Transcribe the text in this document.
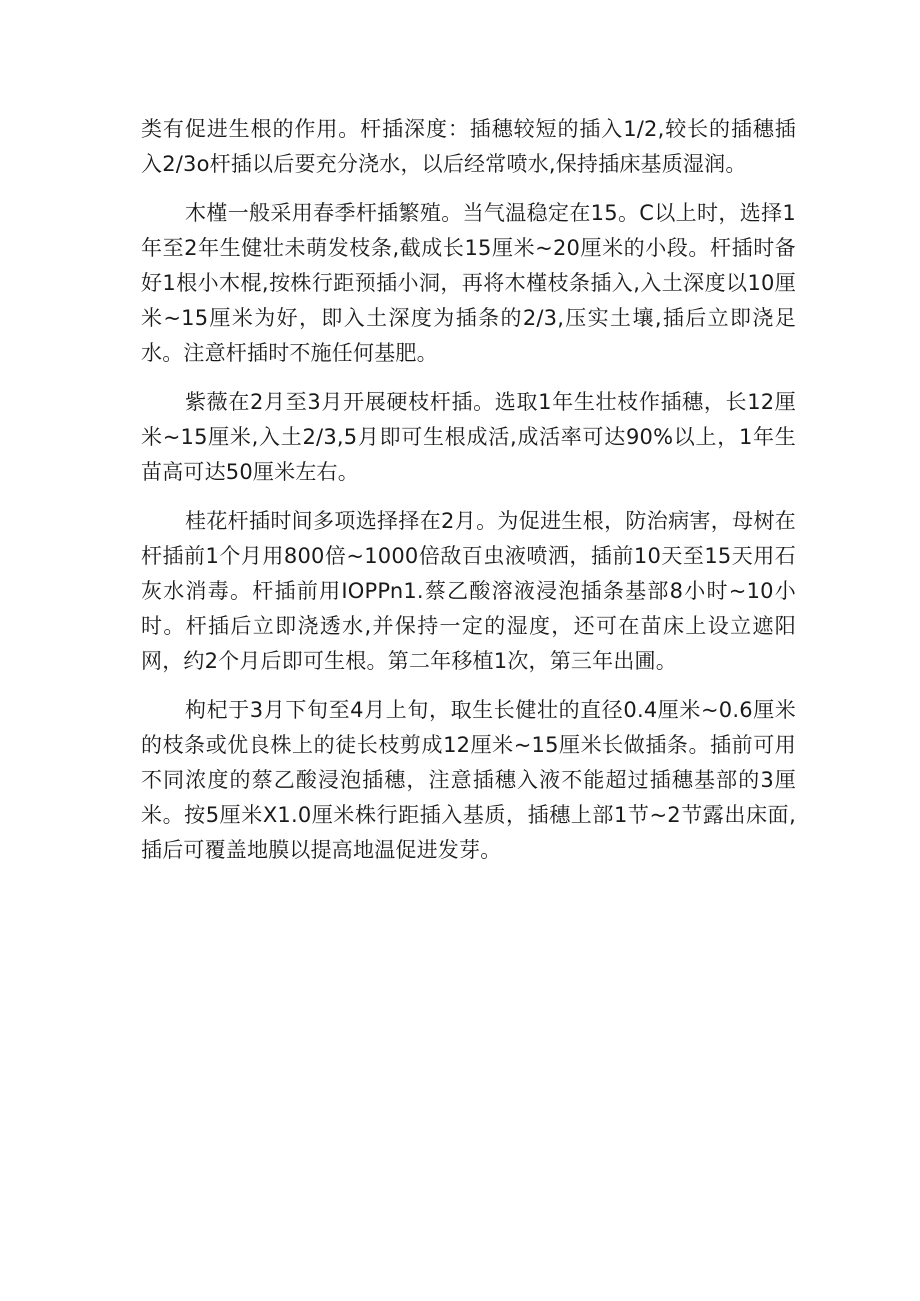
类有促进生根的作用。杆插深度：插穗较短的插入1/2,较长的插穗插入2/3o杆插以后要充分浇水，以后经常喷水,保持插床基质湿润。

木槿一般采用春季杆插繁殖。当气温稳定在15。C以上时，选择1年至2年生健壮未萌发枝条,截成长15厘米~20厘米的小段。杆插时备好1根小木棍,按株行距预插小洞，再将木槿枝条插入,入土深度以10厘米~15厘米为好，即入土深度为插条的2/3,压实土壤,插后立即浇足水。注意杆插时不施任何基肥。

紫薇在2月至3月开展硬枝杆插。选取1年生壮枝作插穗，长12厘米~15厘米,入土2/3,5月即可生根成活,成活率可达90%以上，1年生苗高可达50厘米左右。

桂花杆插时间多项选择择在2月。为促进生根，防治病害，母树在杆插前1个月用800倍~1000倍敌百虫液喷洒，插前10天至15天用石灰水消毒。杆插前用IOPPn1.蔡乙酸溶液浸泡插条基部8小时~10小时。杆插后立即浇透水,并保持一定的湿度，还可在苗床上设立遮阳网，约2个月后即可生根。第二年移植1次，第三年出圃。

枸杞于3月下旬至4月上旬，取生长健壮的直径0.4厘米~0.6厘米的枝条或优良株上的徒长枝剪成12厘米~15厘米长做插条。插前可用不同浓度的蔡乙酸浸泡插穗，注意插穗入液不能超过插穗基部的3厘米。按5厘米X1.0厘米株行距插入基质，插穗上部1节~2节露出床面,插后可覆盖地膜以提高地温促进发芽。
